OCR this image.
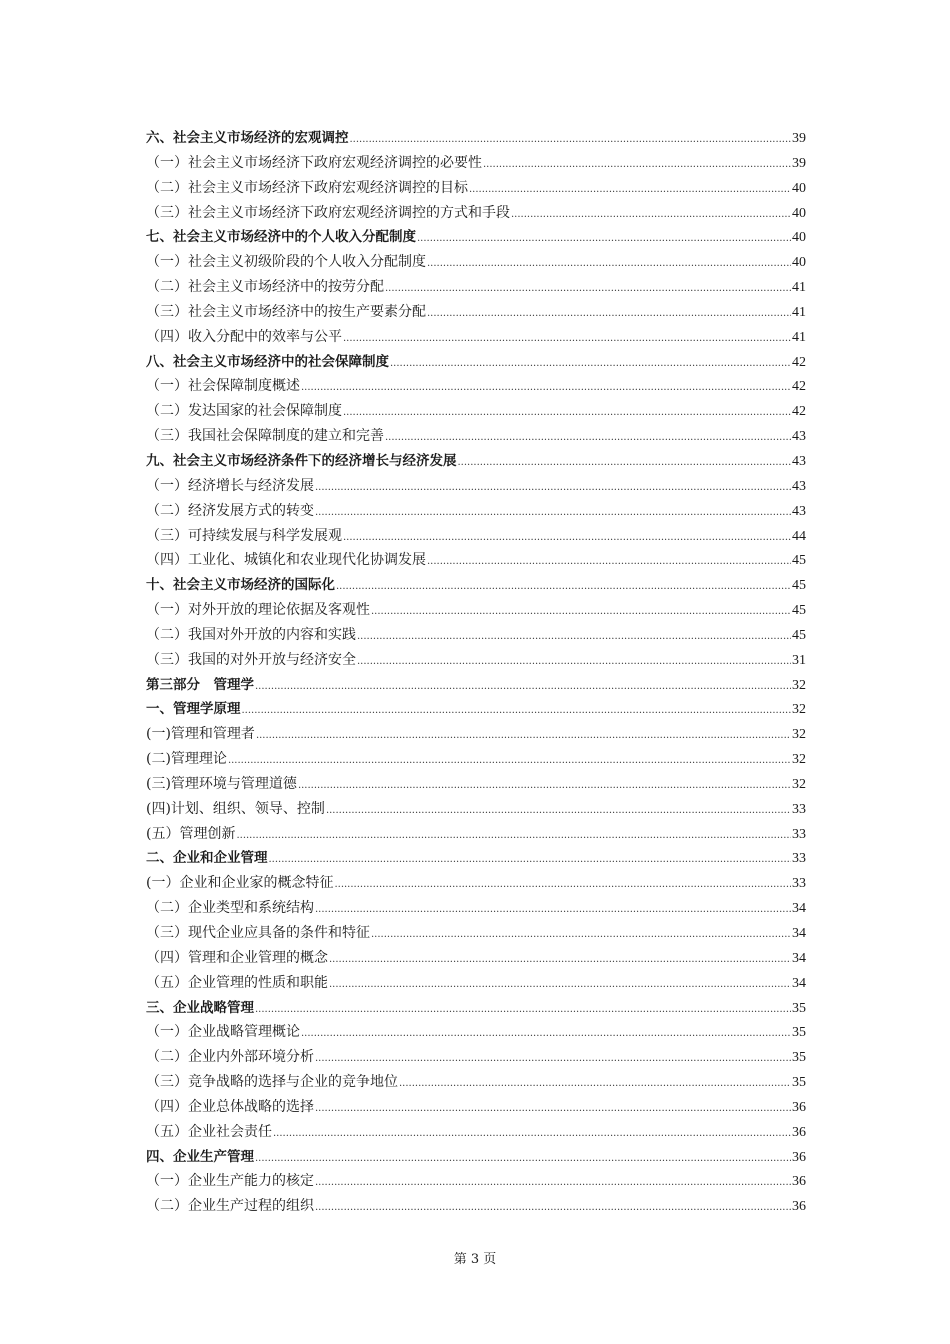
六、社会主义市场经济的宏观调控 .....	39
（一）社会主义市场经济下政府宏观经济调控的必要性 .....	39
（二）社会主义市场经济下政府宏观经济调控的目标 .....	40
（三）社会主义市场经济下政府宏观经济调控的方式和手段 .....	40
七、社会主义市场经济中的个人收入分配制度 .....	40
（一）社会主义初级阶段的个人收入分配制度 .....	40
（二）社会主义市场经济中的按劳分配 .....	41
（三）社会主义市场经济中的按生产要素分配 .....	41
（四）收入分配中的效率与公平 .....	41
八、社会主义市场经济中的社会保障制度 .....	42
（一）社会保障制度概述 .....	42
（二）发达国家的社会保障制度 .....	42
（三）我国社会保障制度的建立和完善 .....	43
九、社会主义市场经济条件下的经济增长与经济发展 .....	43
（一）经济增长与经济发展 .....	43
（二）经济发展方式的转变 .....	43
（三）可持续发展与科学发展观 .....	44
（四）工业化、城镇化和农业现代化协调发展 .....	45
十、社会主义市场经济的国际化 .....	45
（一）对外开放的理论依据及客观性 .....	45
（二）我国对外开放的内容和实践 .....	45
（三）我国的对外开放与经济安全 .....	31
第三部分　管理学 .....	32
一、管理学原理 .....	32
(一)管理和管理者 .....	32
(二)管理理论 .....	32
(三)管理环境与管理道德 .....	32
(四)计划、组织、领导、控制 .....	33
(五）管理创新 .....	33
二、企业和企业管理 .....	33
(一）企业和企业家的概念特征 .....	33
（二）企业类型和系统结构 .....	34
（三）现代企业应具备的条件和特征 .....	34
（四）管理和企业管理的概念 .....	34
（五）企业管理的性质和职能 .....	34
三、企业战略管理 .....	35
（一）企业战略管理概论 .....	35
（二）企业内外部环境分析 .....	35
（三）竞争战略的选择与企业的竞争地位 .....	35
（四）企业总体战略的选择 .....	36
（五）企业社会责任 .....	36
四、企业生产管理 .....	36
（一）企业生产能力的核定 .....	36
（二）企业生产过程的组织 .....	36
第 3 页
